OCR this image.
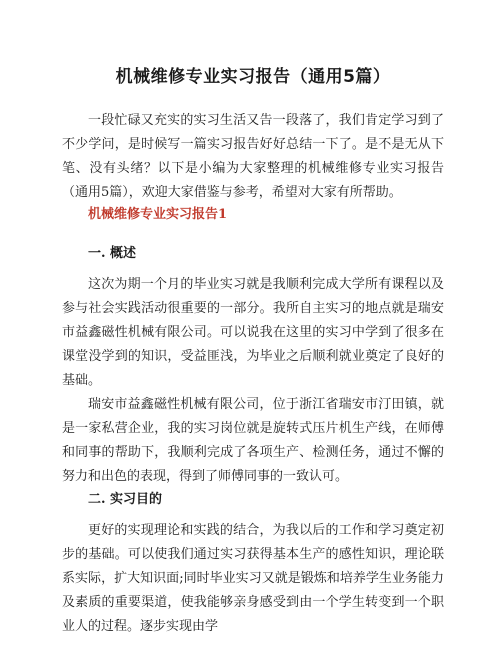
机械维修专业实习报告（通用5篇）

一段忙碌又充实的实习生活又告一段落了，我们肯定学习到了不少学问，是时候写一篇实习报告好好总结一下了。是不是无从下笔、没有头绪？以下是小编为大家整理的机械维修专业实习报告（通用5篇），欢迎大家借鉴与参考，希望对大家有所帮助。

机械维修专业实习报告1
一. 概述

这次为期一个月的毕业实习就是我顺利完成大学所有课程以及参与社会实践活动很重要的一部分。我所自主实习的地点就是瑞安市益鑫磁性机械有限公司。可以说我在这里的实习中学到了很多在课堂没学到的知识，受益匪浅，为毕业之后顺利就业奠定了良好的基础。

瑞安市益鑫磁性机械有限公司，位于浙江省瑞安市汀田镇，就是一家私营企业，我的实习岗位就是旋转式压片机生产线，在师傅和同事的帮助下，我顺利完成了各项生产、检测任务，通过不懈的努力和出色的表现，得到了师傅同事的一致认可。

二. 实习目的

更好的实现理论和实践的结合，为我以后的工作和学习奠定初步的基础。可以使我们通过实习获得基本生产的感性知识，理论联系实际，扩大知识面;同时毕业实习又就是锻炼和培养学生业务能力及素质的重要渠道，使我能够亲身感受到由一个学生转变到一个职业人的过程。逐步实现由学
